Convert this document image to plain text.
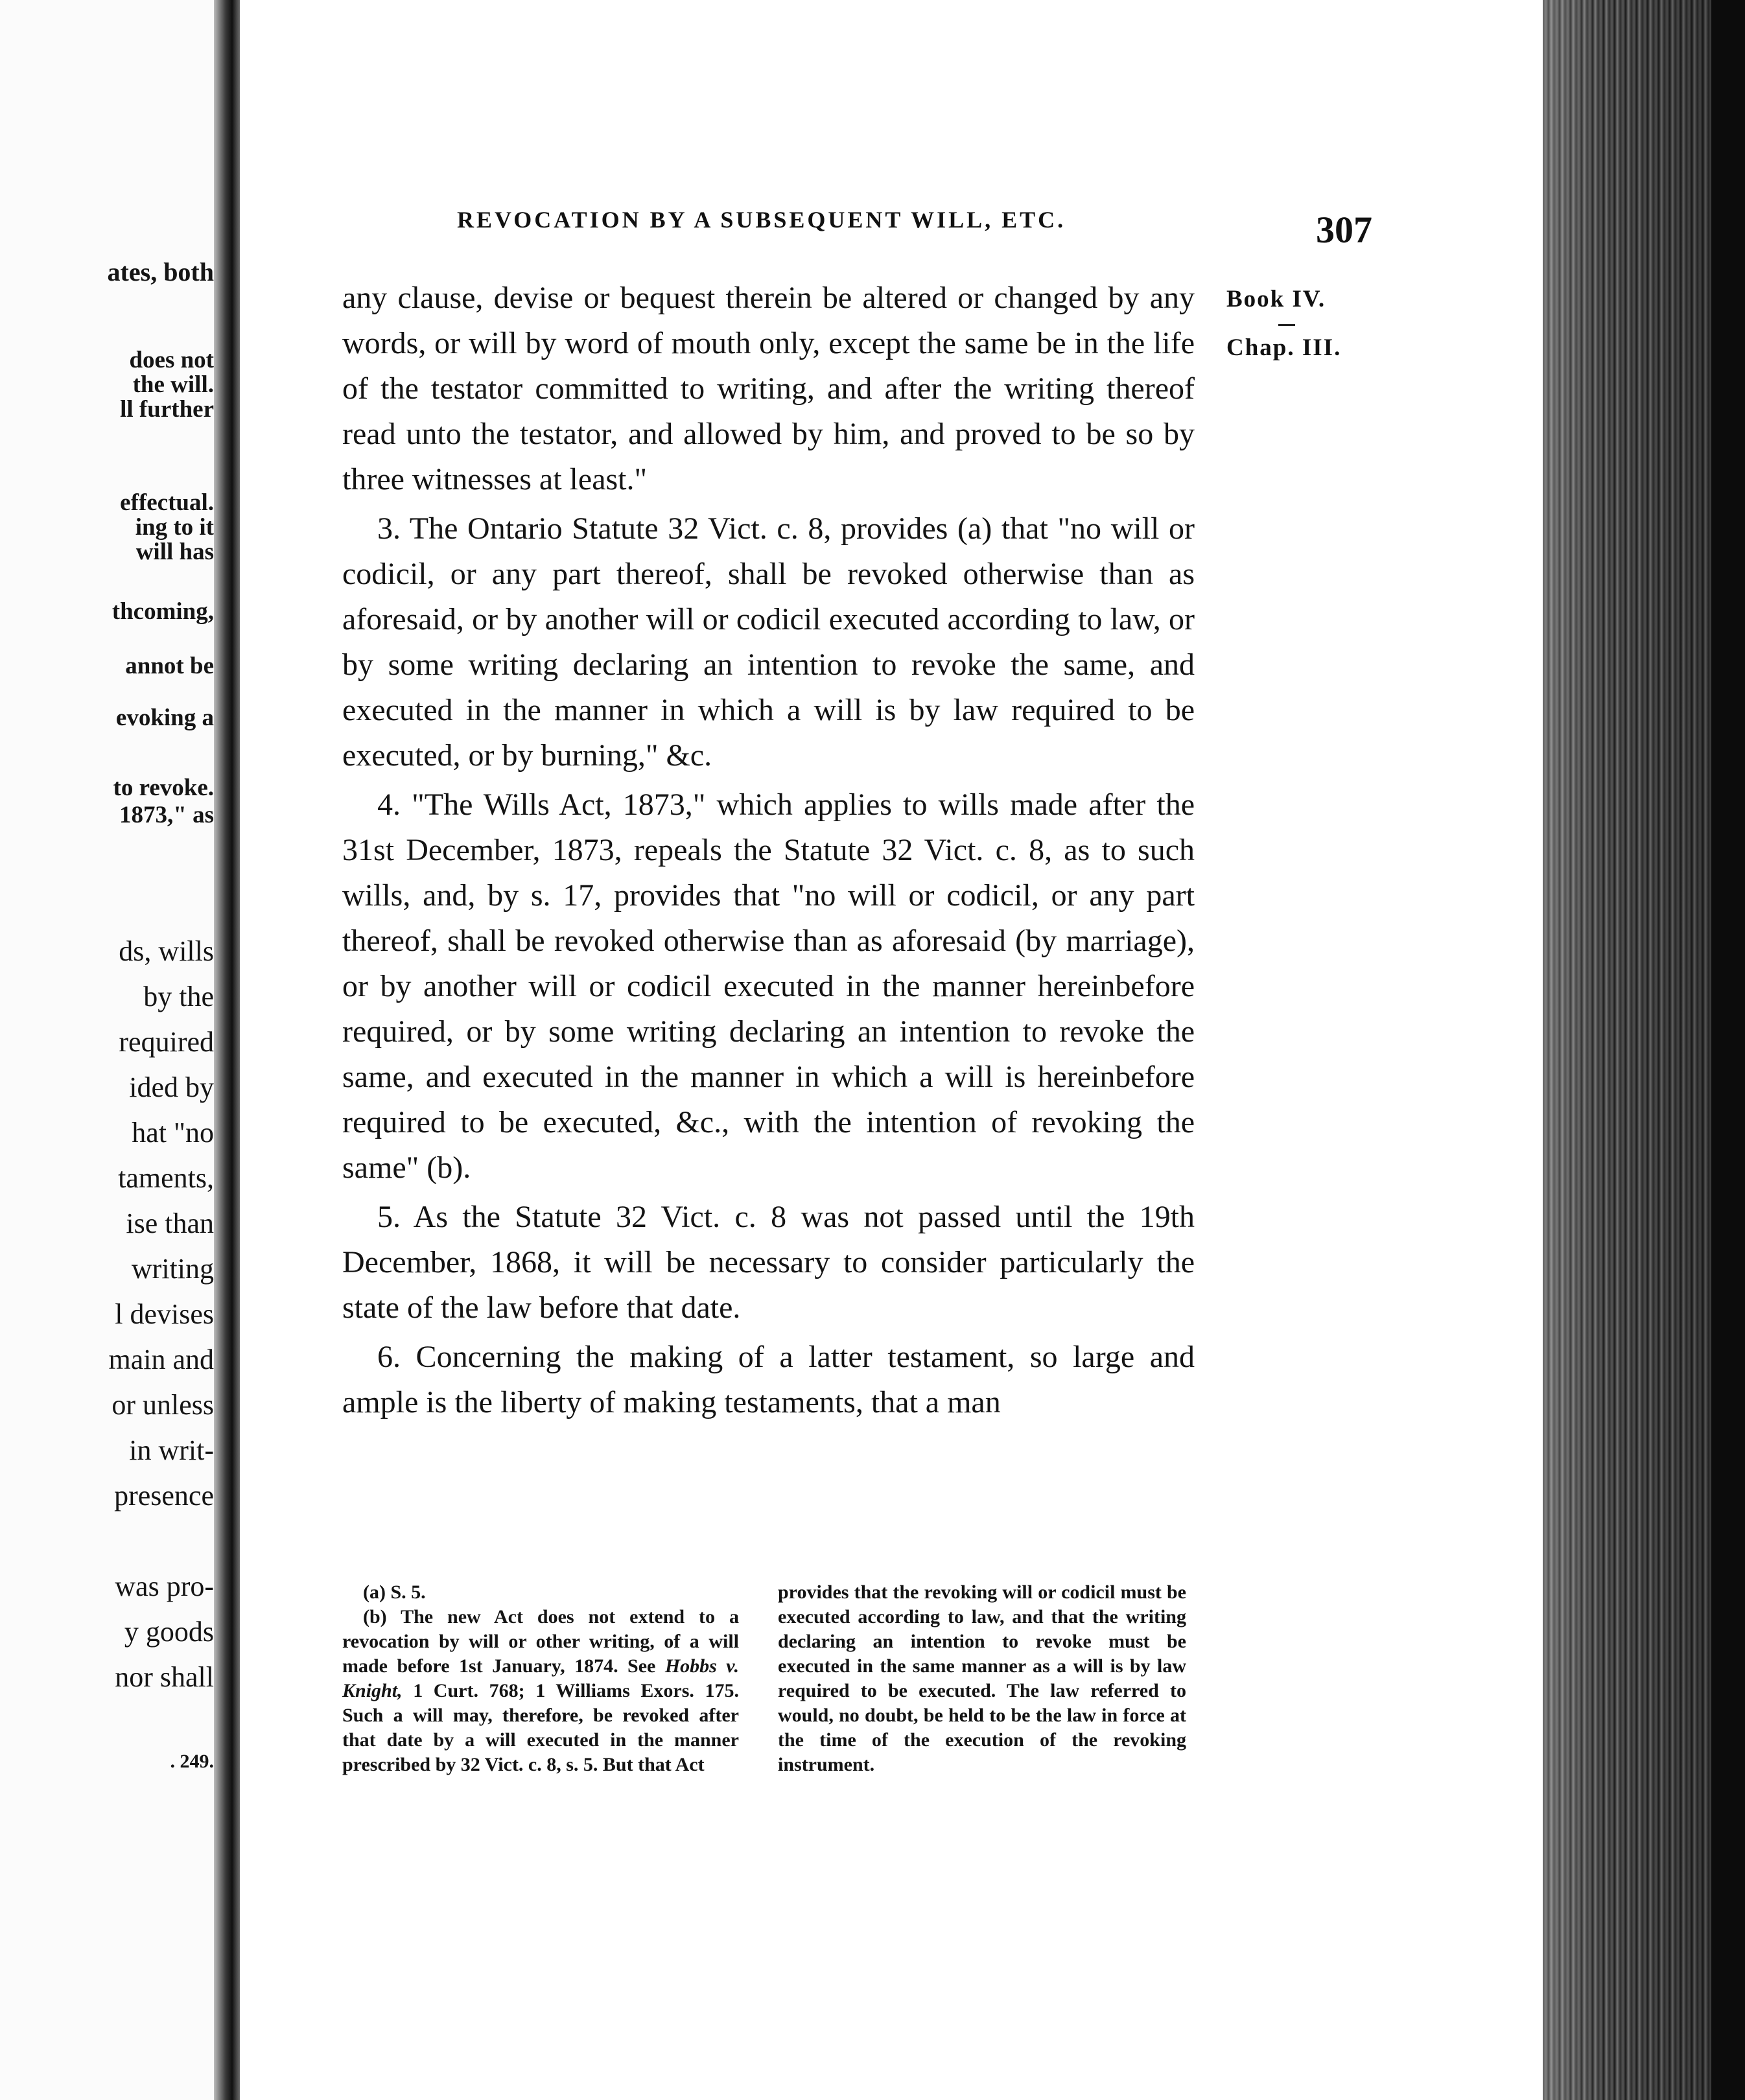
ates, both
does not
the will.
ll further
effectual.
ing to it
will has
thcoming,
annot be
evoking a
to revoke.
1873," as
ds, wills
by the
required
ided by
hat "no
taments,
ise than
writing
l devises
main and
or unless
in writ-
presence
was pro-
y goods
nor shall
. 249.
REVOCATION BY A SUBSEQUENT WILL, ETC.	307
Book IV.
Chap. III.

any clause, devise or bequest therein be altered or changed by any words, or will by word of mouth only, except the same be in the life of the testator committed to writing, and after the writing thereof read unto the testator, and allowed by him, and proved to be so by three witnesses at least."

3. The Ontario Statute 32 Vict. c. 8, provides (a) that "no will or codicil, or any part thereof, shall be revoked otherwise than as aforesaid, or by another will or codicil executed according to law, or by some writing declaring an intention to revoke the same, and executed in the manner in which a will is by law required to be executed, or by burning," &c.

4. "The Wills Act, 1873," which applies to wills made after the 31st December, 1873, repeals the Statute 32 Vict. c. 8, as to such wills, and, by s. 17, provides that "no will or codicil, or any part thereof, shall be revoked otherwise than as aforesaid (by marriage), or by another will or codicil executed in the manner hereinbefore required, or by some writing declaring an intention to revoke the same, and executed in the manner in which a will is hereinbefore required to be executed, &c., with the intention of revoking the same" (b).

5. As the Statute 32 Vict. c. 8 was not passed until the 19th December, 1868, it will be necessary to consider particularly the state of the law before that date.

6. Concerning the making of a latter testament, so large and ample is the liberty of making testaments, that a man

(a) S. 5.

(b) The new Act does not extend to a revocation by will or other writing, of a will made before 1st January, 1874. See Hobbs v. Knight, 1 Curt. 768; 1 Williams Exors. 175. Such a will may, therefore, be revoked after that date by a will executed in the manner prescribed by 32 Vict. c. 8, s. 5. But that Act

provides that the revoking will or codicil must be executed according to law, and that the writing declaring an intention to revoke must be executed in the same manner as a will is by law required to be executed. The law referred to would, no doubt, be held to be the law in force at the time of the execution of the revoking instrument.
